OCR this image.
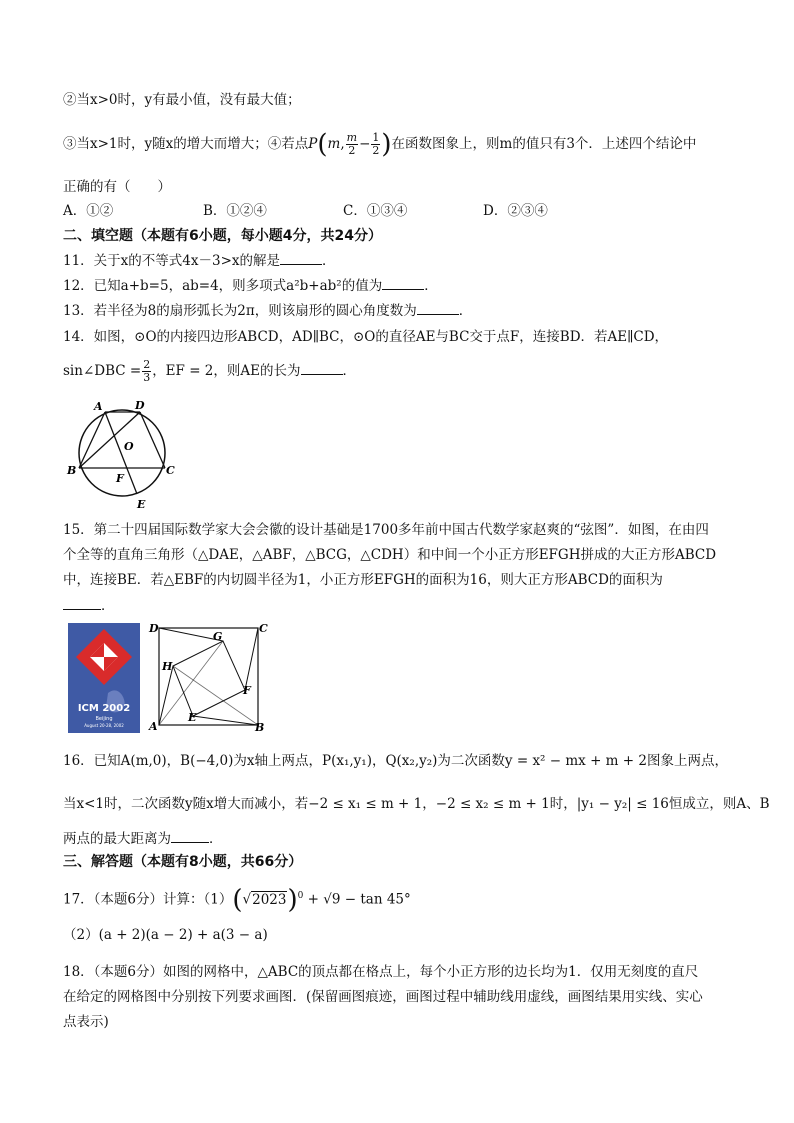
②当x>0时，y有最小值，没有最大值；
③当x>1时，y随x的增大而增大；④若点P(m, $\frac{m}{2} - \frac{1}{2}$ )在函数图象上，则m的值只有3个．上述四个结论中
正确的有（　　）
A．①②	B．①②④	C．①③④	D．②③④
二、填空题（本题有6小题，每小题4分，共24分）
11．关于x的不等式4x－3>x的解是	．
12．已知a+b=5，ab=4，则多项式a²b+ab²的值为	．
13．若半径为8的扇形弧长为2π，则该扇形的圆心角度数为	．
14．如图，⊙O的内接四边形ABCD，AD∥BC，⊙O的直径AE与BC交于点F，连接BD．若AE∥CD，
sin∠DBC = $\frac{2}{3}$ ，EF = 2，则AE的长为	．
A	D
O
B	C
F
E
15．第二十四届国际数学家大会会徽的设计基础是1700多年前中国古代数学家赵爽的“弦图”．如图，在由四
个全等的直角三角形（△DAE，△ABF，△BCG，△CDH）和中间一个小正方形EFGH拼成的大正方形ABCD
中，连接BE．若△EBF的内切圆半径为1，小正方形EFGH的面积为16，则大正方形ABCD的面积为
．
ICM 2002
Beijing
August 20-28, 2002
D
G
C
H
F
A
E
B
16．已知A(m,0)，B(−4,0)为x轴上两点，P(x₁,y₁)，Q(x₂,y₂)为二次函数y = x² − mx + m + 2图象上两点，
当x<1时，二次函数y随x增大而减小，若−2 ≤ x₁ ≤ m + 1，−2 ≤ x₂ ≤ m + 1时，|y₁ − y₂| ≤ 16恒成立，则A、B
两点的最大距离为	．
三、解答题（本题有8小题，共66分）
17．（本题6分）计算：$(1)(√2023)^0 + √9 - \tan 45^\circ$
（2）(a + 2)(a − 2) + a(3 − a)
18．（本题6分）如图的网格中，△ABC的顶点都在格点上，每个小正方形的边长均为1．仅用无刻度的直尺
在给定的网格图中分别按下列要求画图．(保留画图痕迹，画图过程中辅助线用虚线，画图结果用实线、实心
点表示)
